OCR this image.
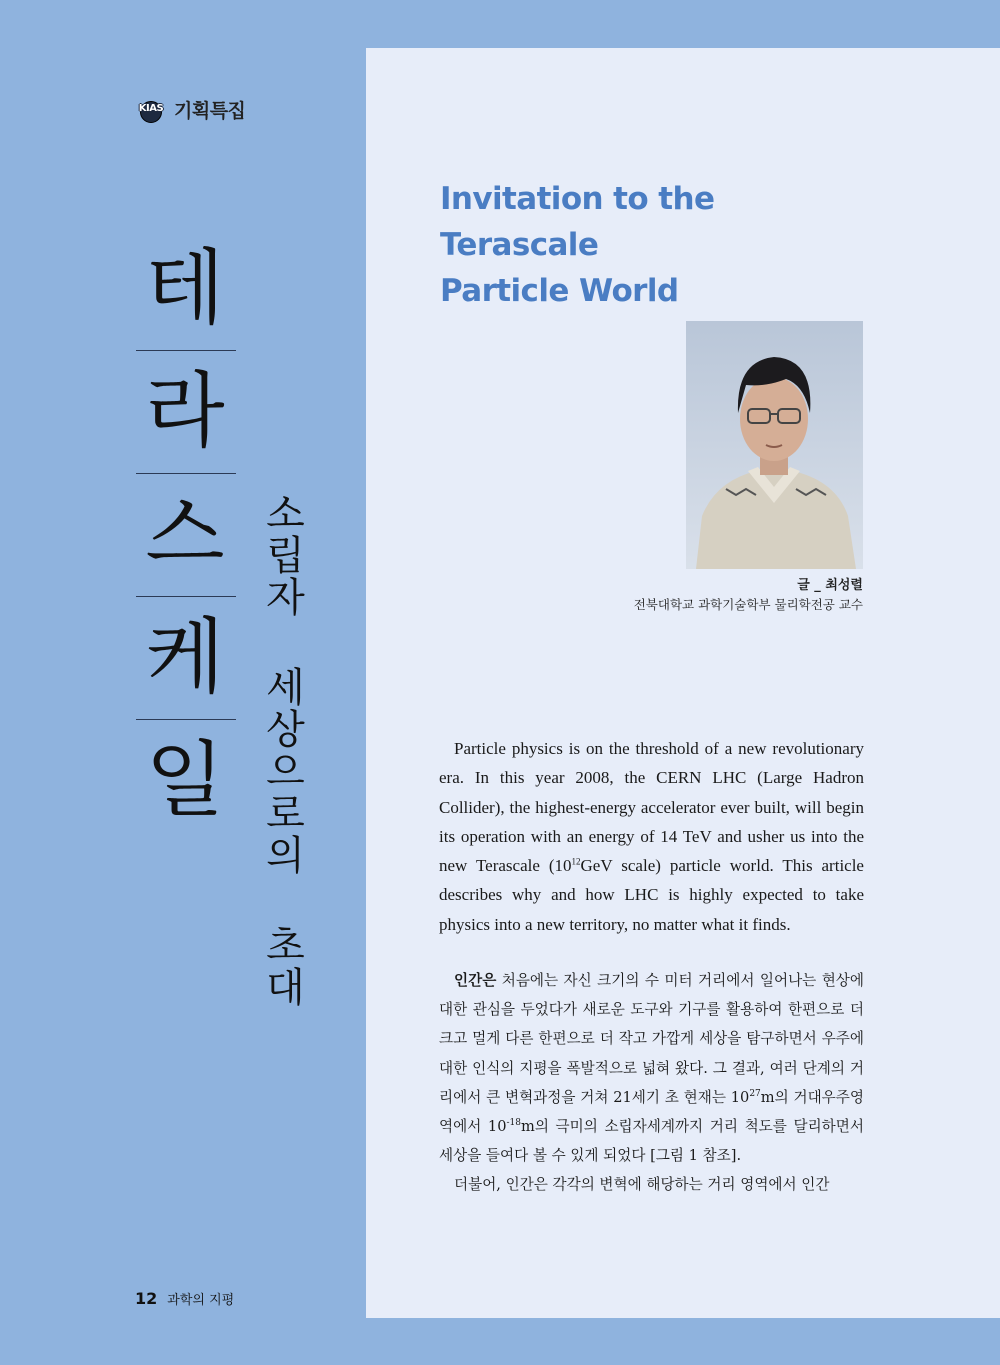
KIAS 기획특집
테
라
스
케
일 소립자 세상으로의 초대
Invitation to the Terascale
Particle World
글 _ 최성렬
전북대학교 과학기술학부 물리학전공 교수

Particle physics is on the threshold of a new revolutionary era. In this year 2008, the CERN LHC (Large Hadron Collider), the highest-energy accelerator ever built, will begin its operation with an energy of 14 TeV and usher us into the new Terascale ($10^{12}GeV$ scale) particle world. This article describes why and how LHC is highly expected to take physics into a new territory, no matter what it finds.

인간은 처음에는 자신 크기의 수 미터 거리에서 일어나는 현상에 대한 관심을 두었다가 새로운 도구와 기구를 활용하여 한편으로 더 크고 멀게 다른 한편으로 더 작고 가깝게 세상을 탐구하면서 우주에 대한 인식의 지평을 폭발적으로 넓혀 왔다. 그 결과, 여러 단계의 거리에서 큰 변혁과정을 거쳐 21세기 초 현재는 $10^{27}m$의 거대우주영역에서 $10^{-18}m$의 극미의 소립자세계까지 거리 척도를 달리하면서 세상을 들여다 볼 수 있게 되었다 [그림 1 참조].

더불어, 인간은 각각의 변혁에 해당하는 거리 영역에서 인간

12 과학의 지평
